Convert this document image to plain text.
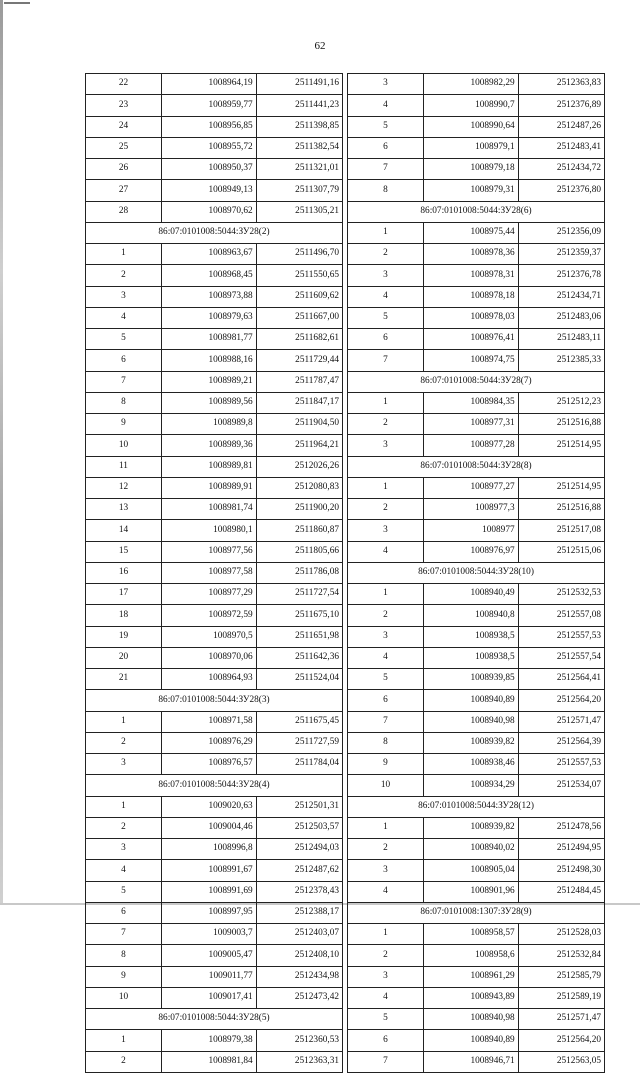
62
22	1008964,19	2511491,16
23	1008959,77	2511441,23
24	1008956,85	2511398,85
25	1008955,72	2511382,54
26	1008950,37	2511321,01
27	1008949,13	2511307,79
28	1008970,62	2511305,21
86:07:0101008:5044:ЗУ28(2)		
1	1008963,67	2511496,70
2	1008968,45	2511550,65
3	1008973,88	2511609,62
4	1008979,63	2511667,00
5	1008981,77	2511682,61
6	1008988,16	2511729,44
7	1008989,21	2511787,47
8	1008989,56	2511847,17
9	1008989,8	2511904,50
10	1008989,36	2511964,21
11	1008989,81	2512026,26
12	1008989,91	2512080,83
13	1008981,74	2511900,20
14	1008980,1	2511860,87
15	1008977,56	2511805,66
16	1008977,58	2511786,08
17	1008977,29	2511727,54
18	1008972,59	2511675,10
19	1008970,5	2511651,98
20	1008970,06	2511642,36
21	1008964,93	2511524,04
86:07:0101008:5044:ЗУ28(3)		
1	1008971,58	2511675,45
2	1008976,29	2511727,59
3	1008976,57	2511784,04
86:07:0101008:5044:ЗУ28(4)		
1	1009020,63	2512501,31
2	1009004,46	2512503,57
3	1008996,8	2512494,03
4	1008991,67	2512487,62
5	1008991,69	2512378,43
6	1008997,95	2512388,17
7	1009003,7	2512403,07
8	1009005,47	2512408,10
9	1009011,77	2512434,98
10	1009017,41	2512473,42
86:07:0101008:5044:ЗУ28(5)		
1	1008979,38	2512360,53
2	1008981,84	2512363,31
3	1008982,29	2512363,83
4	1008990,7	2512376,89
5	1008990,64	2512487,26
6	1008979,1	2512483,41
7	1008979,18	2512434,72
8	1008979,31	2512376,80
86:07:0101008:5044:ЗУ28(6)		
1	1008975,44	2512356,09
2	1008978,36	2512359,37
3	1008978,31	2512376,78
4	1008978,18	2512434,71
5	1008978,03	2512483,06
6	1008976,41	2512483,11
7	1008974,75	2512385,33
86:07:0101008:5044:ЗУ28(7)		
1	1008984,35	2512512,23
2	1008977,31	2512516,88
3	1008977,28	2512514,95
86:07:0101008:5044:ЗУ28(8)		
1	1008977,27	2512514,95
2	1008977,3	2512516,88
3	1008977	2512517,08
4	1008976,97	2512515,06
86:07:0101008:5044:ЗУ28(10)		
1	1008940,49	2512532,53
2	1008940,8	2512557,08
3	1008938,5	2512557,53
4	1008938,5	2512557,54
5	1008939,85	2512564,41
6	1008940,89	2512564,20
7	1008940,98	2512571,47
8	1008939,82	2512564,39
9	1008938,46	2512557,53
10	1008934,29	2512534,07
86:07:0101008:5044:ЗУ28(12)		
1	1008939,82	2512478,56
2	1008940,02	2512494,95
3	1008905,04	2512498,30
4	1008901,96	2512484,45
86:07:0101008:1307:ЗУ28(9)		
1	1008958,57	2512528,03
2	1008958,6	2512532,84
3	1008961,29	2512585,79
4	1008943,89	2512589,19
5	1008940,98	2512571,47
6	1008940,89	2512564,20
7	1008946,71	2512563,05
